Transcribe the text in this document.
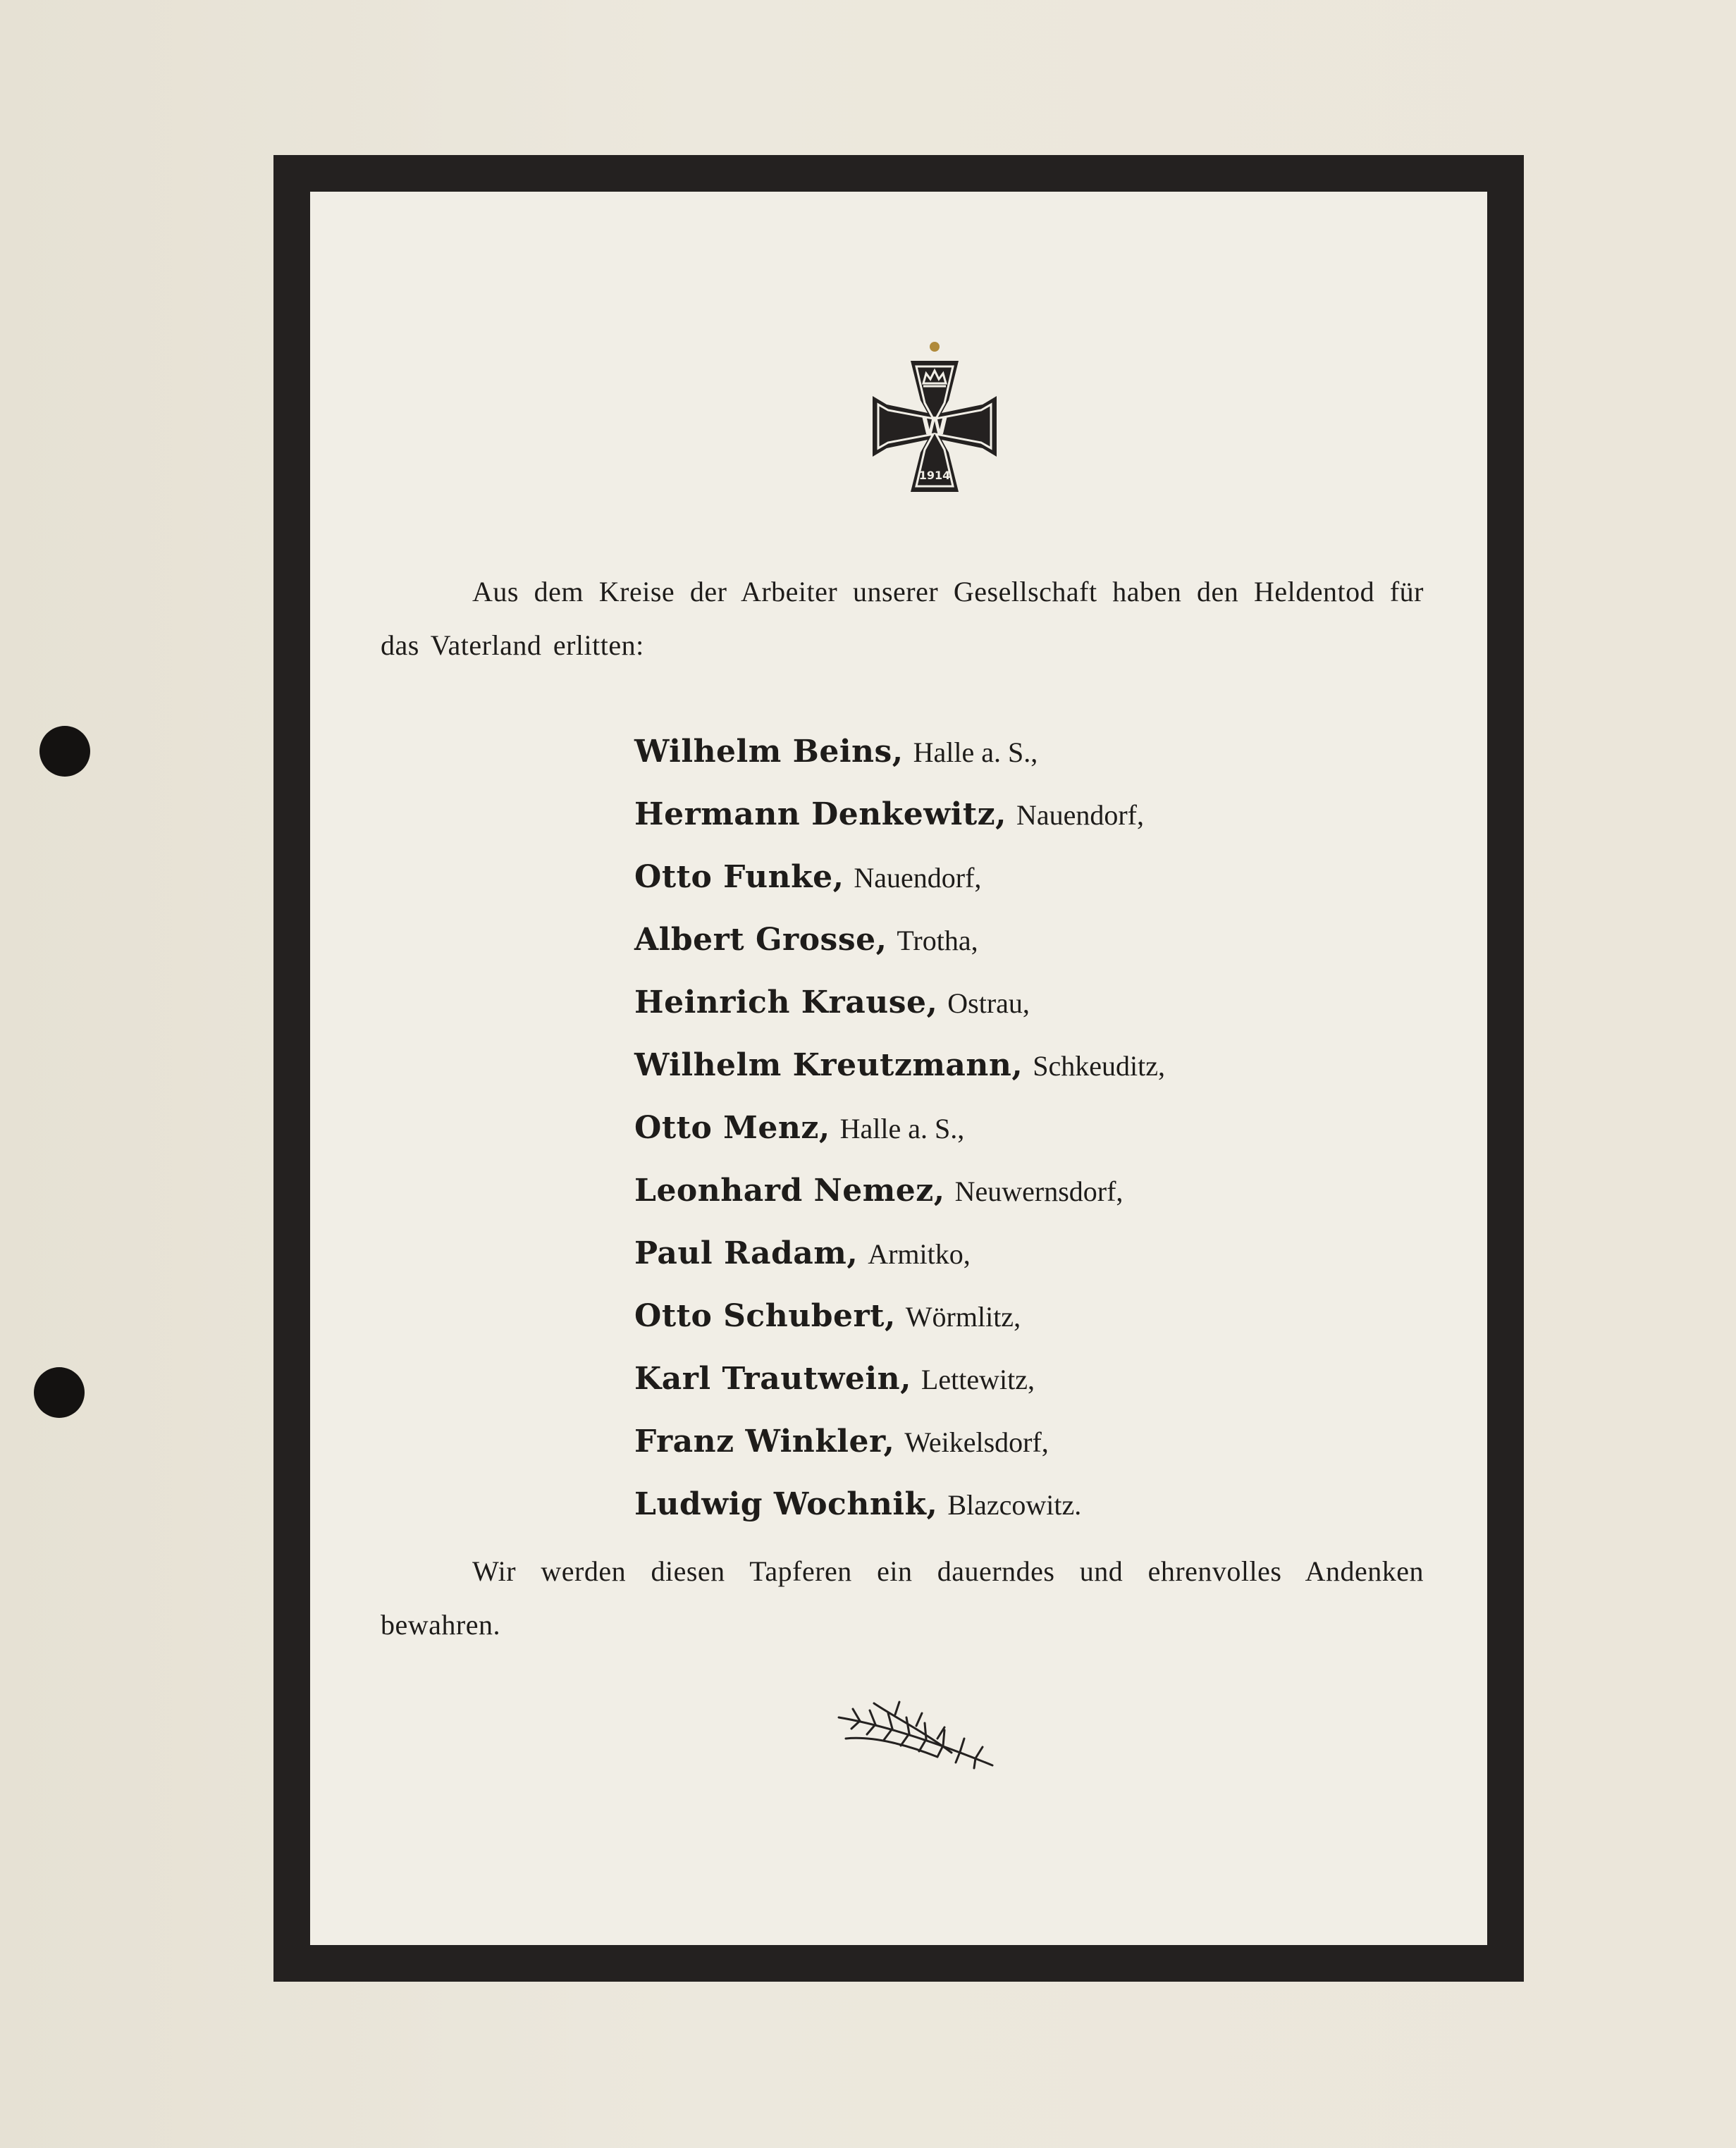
W
1914

Aus dem Kreise der Arbeiter unserer Gesellschaft haben den Heldentod für das Vaterland erlitten:

Wilhelm Beins, Halle a. S.,
Hermann Denkewitz, Nauendorf,
Otto Funke, Nauendorf,
Albert Grosse, Trotha,
Heinrich Krause, Ostrau,
Wilhelm Kreutzmann, Schkeuditz,
Otto Menz, Halle a. S.,
Leonhard Nemez, Neuwernsdorf,
Paul Radam, Armitko,
Otto Schubert, Wörmlitz,
Karl Trautwein, Lettewitz,
Franz Winkler, Weikelsdorf,
Ludwig Wochnik, Blazcowitz.

Wir werden diesen Tapferen ein dauerndes und ehrenvolles Andenken bewahren.
